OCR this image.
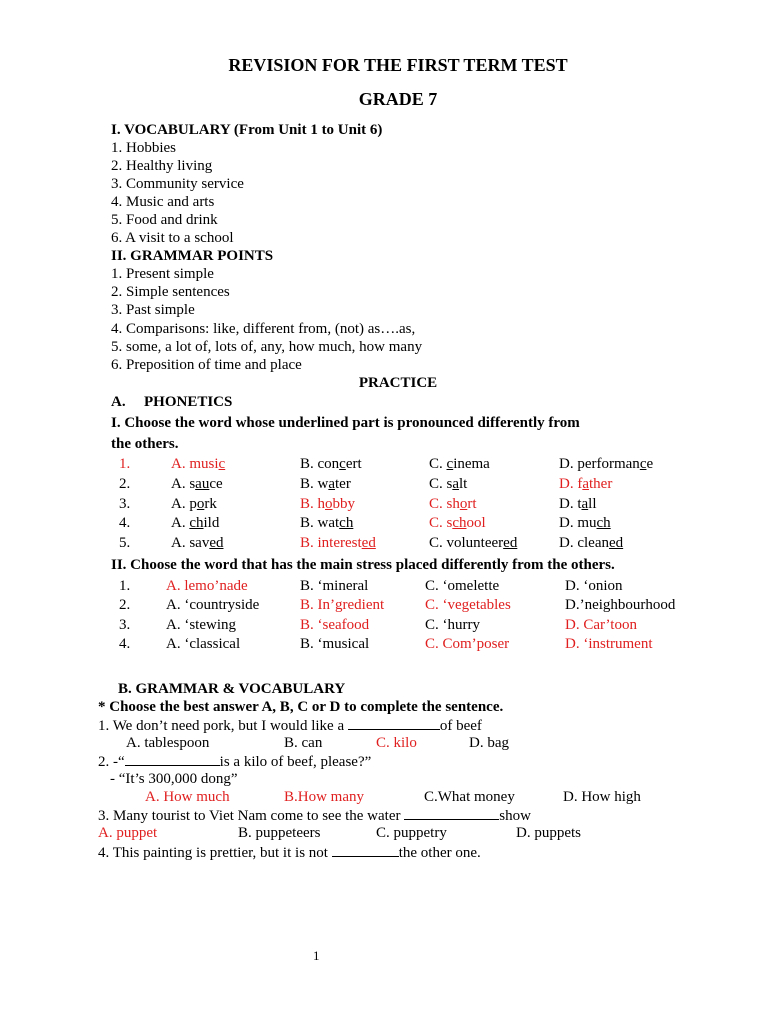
REVISION FOR THE FIRST TERM TEST
GRADE 7
I. VOCABULARY (From Unit 1 to Unit 6)
1. Hobbies
2. Healthy living
3. Community service
4. Music and arts
5. Food and drink
6. A visit to a school
II. GRAMMAR POINTS
1. Present simple
2. Simple sentences
3. Past simple
4. Comparisons: like, different from, (not) as….as,
5. some, a lot of, lots of, any, how much, how many
6. Preposition of time and place
PRACTICE
A. PHONETICS
I. Choose the word whose underlined part is pronounced differently from
the others.
1.	A. music	B. concert	C. cinema	D. performance
2.	A. sauce	B. water	C. salt	D. father
3.	A. pork	B. hobby	C. short	D. tall
4.	A. child	B. watch	C. school	D. much
5.	A. saved	B. interested	C. volunteered	D. cleaned
II. Choose the word that has the main stress placed differently from the others.
1. A. lemo’nade	B. ‘mineral	C. ‘omelette	D. ‘onion
2. A. ‘countryside	B. In’gredient	C. ‘vegetables	D.’neighbourhood
3. A. ‘stewing	B. ‘seafood	C. ‘hurry	D. Car’toon
4. A. ‘classical	B. ‘musical	C. Com’poser	D. ‘instrument
B. GRAMMAR & VOCABULARY
* Choose the best answer A, B, C or D to complete the sentence.
1. We don’t need pork, but I would like a	of beef
A. tablespoon	B. can	C. kilo	D. bag
2. -“	is a kilo of beef, please?”
- “It’s 300,000 dong”
A. How much	B.How many	C.What money	D. How high
3. Many tourist to Viet Nam come to see the water	show
A. puppet	B. puppeteers	C. puppetry	D. puppets
4. This painting is prettier, but it is not	the other one.
1
